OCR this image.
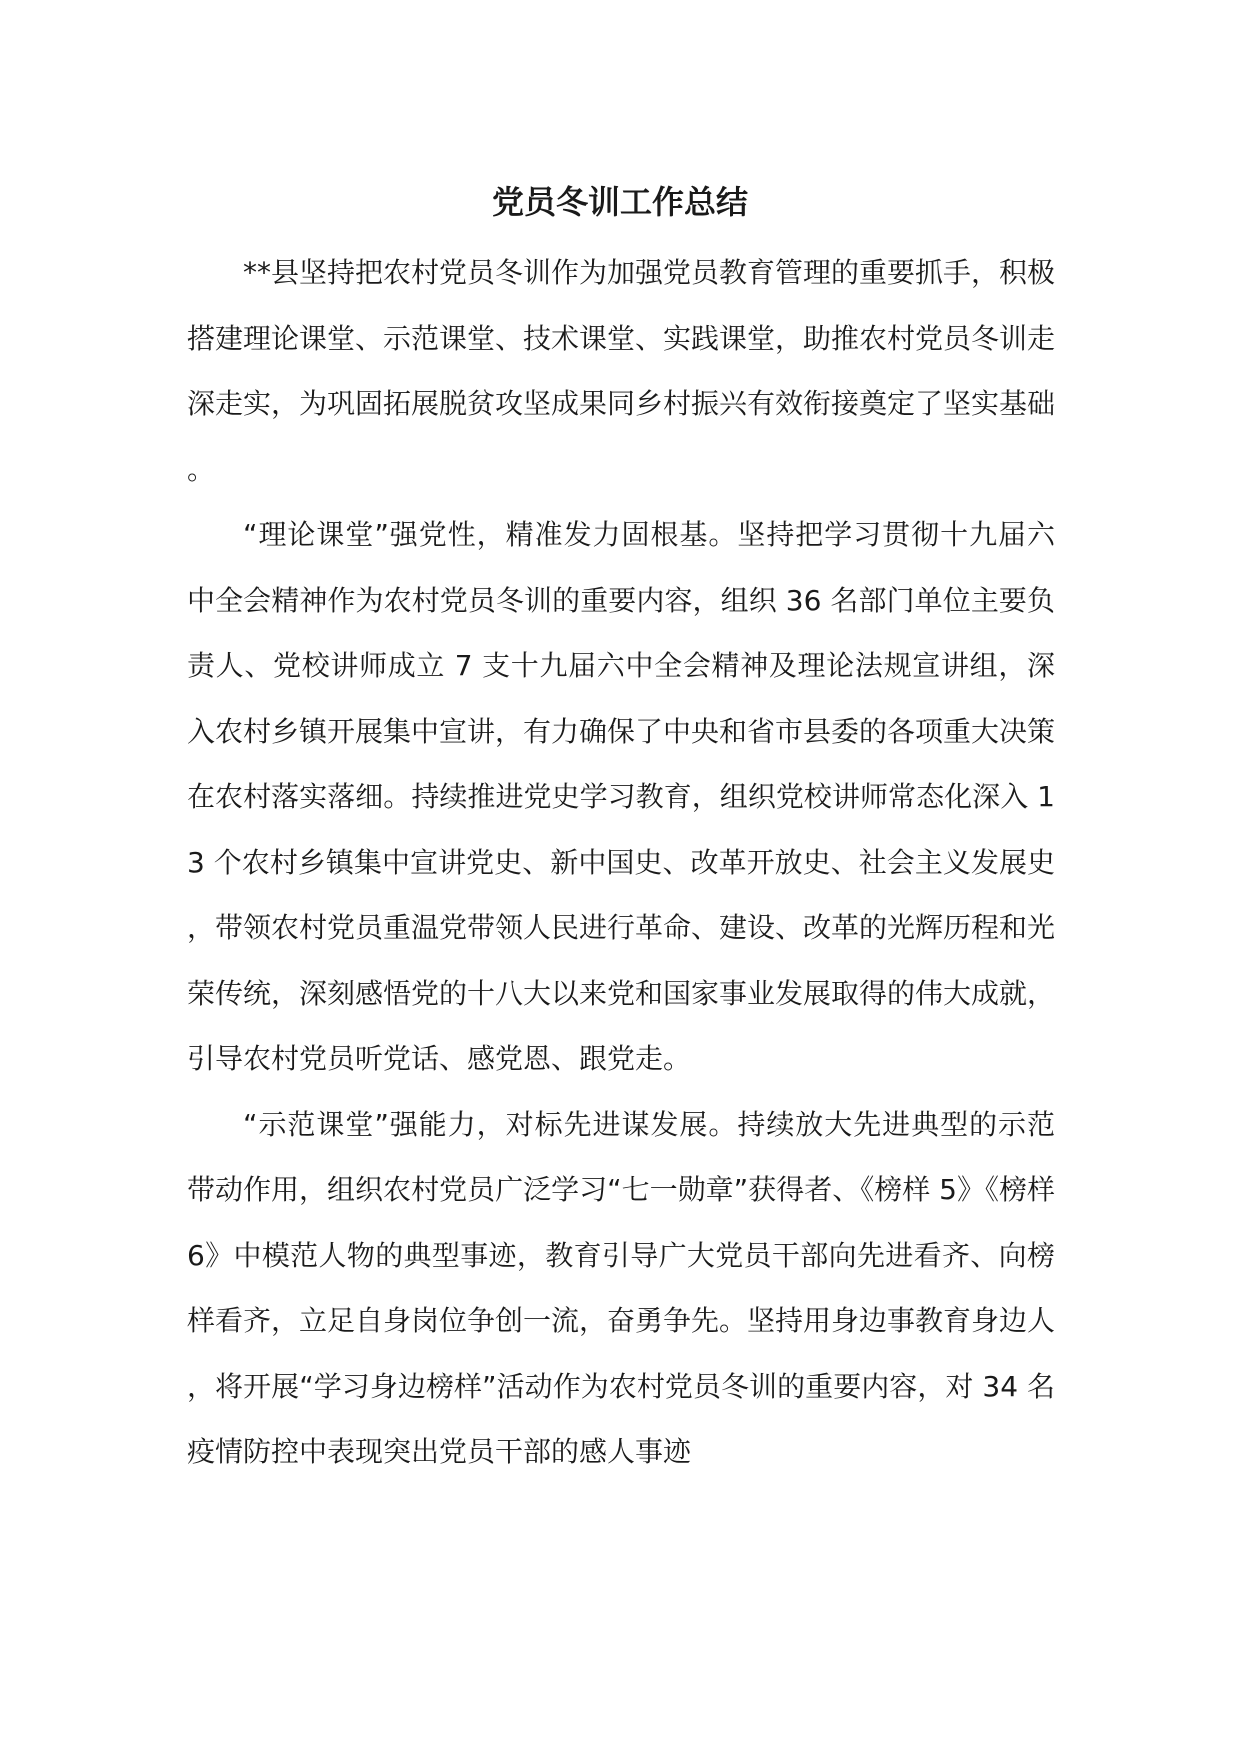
党员冬训工作总结

**县坚持把农村党员冬训作为加强党员教育管理的重要抓手，积极搭建理论课堂、示范课堂、技术课堂、实践课堂，助推农村党员冬训走深走实，为巩固拓展脱贫攻坚成果同乡村振兴有效衔接奠定了坚实基础。

“理论课堂”强党性，精准发力固根基。坚持把学习贯彻十九届六中全会精神作为农村党员冬训的重要内容，组织 36 名部门单位主要负责人、党校讲师成立 7 支十九届六中全会精神及理论法规宣讲组，深入农村乡镇开展集中宣讲，有力确保了中央和省市县委的各项重大决策在农村落实落细。持续推进党史学习教育，组织党校讲师常态化深入 13 个农村乡镇集中宣讲党史、新中国史、改革开放史、社会主义发展史，带领农村党员重温党带领人民进行革命、建设、改革的光辉历程和光荣传统，深刻感悟党的十八大以来党和国家事业发展取得的伟大成就，引导农村党员听党话、感党恩、跟党走。

“示范课堂”强能力，对标先进谋发展。持续放大先进典型的示范带动作用，组织农村党员广泛学习“七一勋章”获得者、《榜样 5》《榜样 6》中模范人物的典型事迹，教育引导广大党员干部向先进看齐、向榜样看齐，立足自身岗位争创一流，奋勇争先。坚持用身边事教育身边人，将开展“学习身边榜样”活动作为农村党员冬训的重要内容，对 34 名疫情防控中表现突出党员干部的感人事迹
